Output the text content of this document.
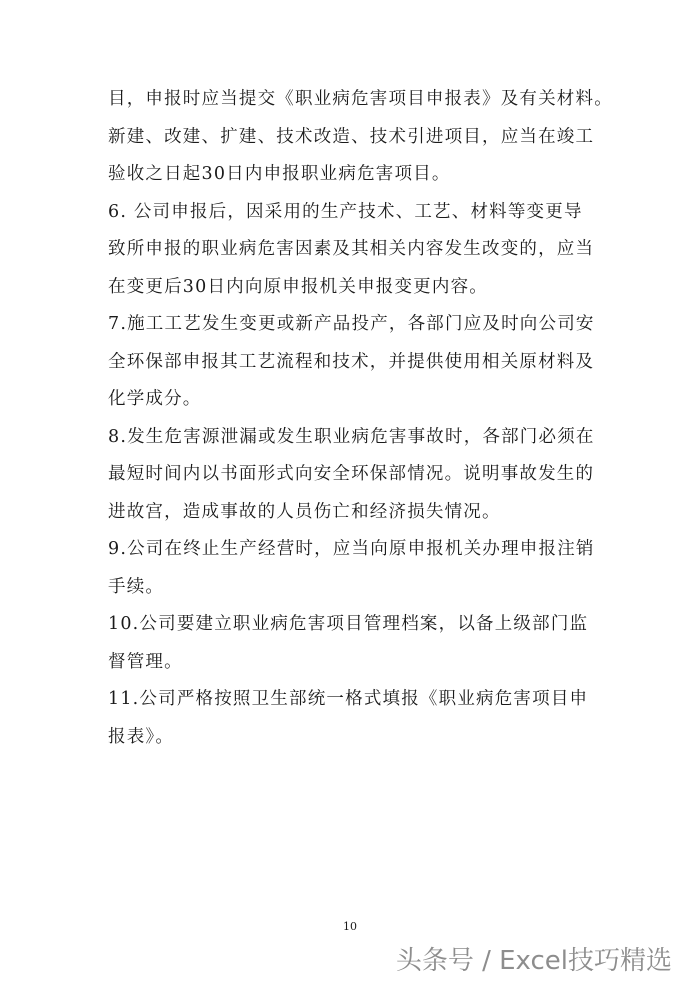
目，申报时应当提交《职业病危害项目申报表》及有关材料。
新建、改建、扩建、技术改造、技术引进项目，应当在竣工
验收之日起30日内申报职业病危害项目。
6. 公司申报后，因采用的生产技术、工艺、材料等变更导
致所申报的职业病危害因素及其相关内容发生改变的，应当
在变更后30日内向原申报机关申报变更内容。
7.施工工艺发生变更或新产品投产，各部门应及时向公司安
全环保部申报其工艺流程和技术，并提供使用相关原材料及
化学成分。
8.发生危害源泄漏或发生职业病危害事故时，各部门必须在
最短时间内以书面形式向安全环保部情况。说明事故发生的
进故宫，造成事故的人员伤亡和经济损失情况。
9.公司在终止生产经营时，应当向原申报机关办理申报注销
手续。
10.公司要建立职业病危害项目管理档案，以备上级部门监
督管理。
11.公司严格按照卫生部统一格式填报《职业病危害项目申
报表》。
10
头条号 / Excel技巧精选
